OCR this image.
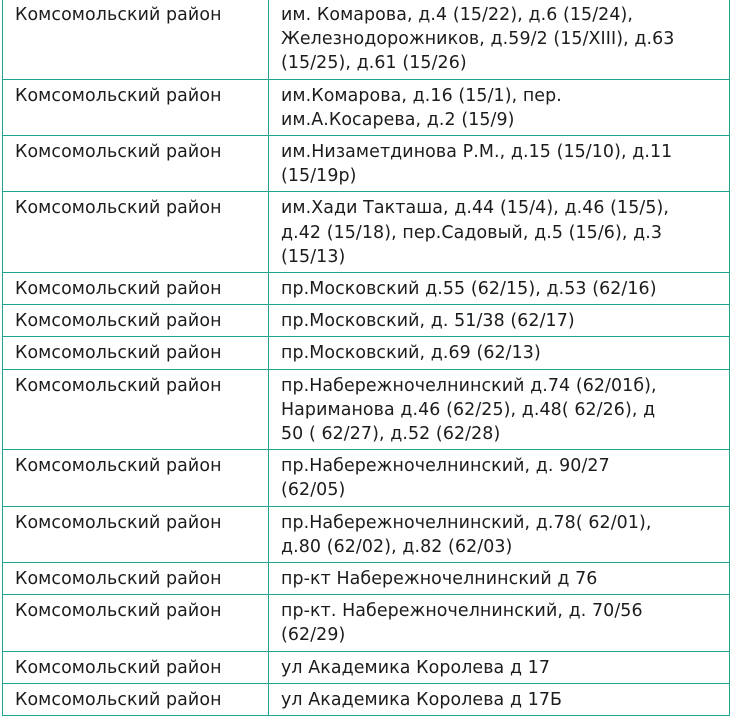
Комсомольский район	им. Комарова, д.4 (15/22), д.6 (15/24),
Железнодорожников, д.59/2 (15/XIII), д.63
(15/25), д.61 (15/26)
Комсомольский район	им.Комарова, д.16 (15/1), пер.
им.А.Косарева, д.2 (15/9)
Комсомольский район	им.Низаметдинова Р.М., д.15 (15/10), д.11
(15/19р)
Комсомольский район	им.Хади Такташа, д.44 (15/4), д.46 (15/5),
д.42 (15/18), пер.Садовый, д.5 (15/6), д.3
(15/13)
Комсомольский район	пр.Московский д.55 (62/15), д.53 (62/16)
Комсомольский район	пр.Московский, д. 51/38 (62/17)
Комсомольский район	пр.Московский, д.69 (62/13)
Комсомольский район	пр.Набережночелнинский д.74 (62/01б),
Нариманова д.46 (62/25), д.48( 62/26), д
50 ( 62/27), д.52 (62/28)
Комсомольский район	пр.Набережночелнинский, д. 90/27
(62/05)
Комсомольский район	пр.Набережночелнинский, д.78( 62/01),
д.80 (62/02), д.82 (62/03)
Комсомольский район	пр-кт Набережночелнинский д 76
Комсомольский район	пр-кт. Набережночелнинский, д. 70/56
(62/29)
Комсомольский район	ул Академика Королева д 17
Комсомольский район	ул Академика Королева д 17Б
